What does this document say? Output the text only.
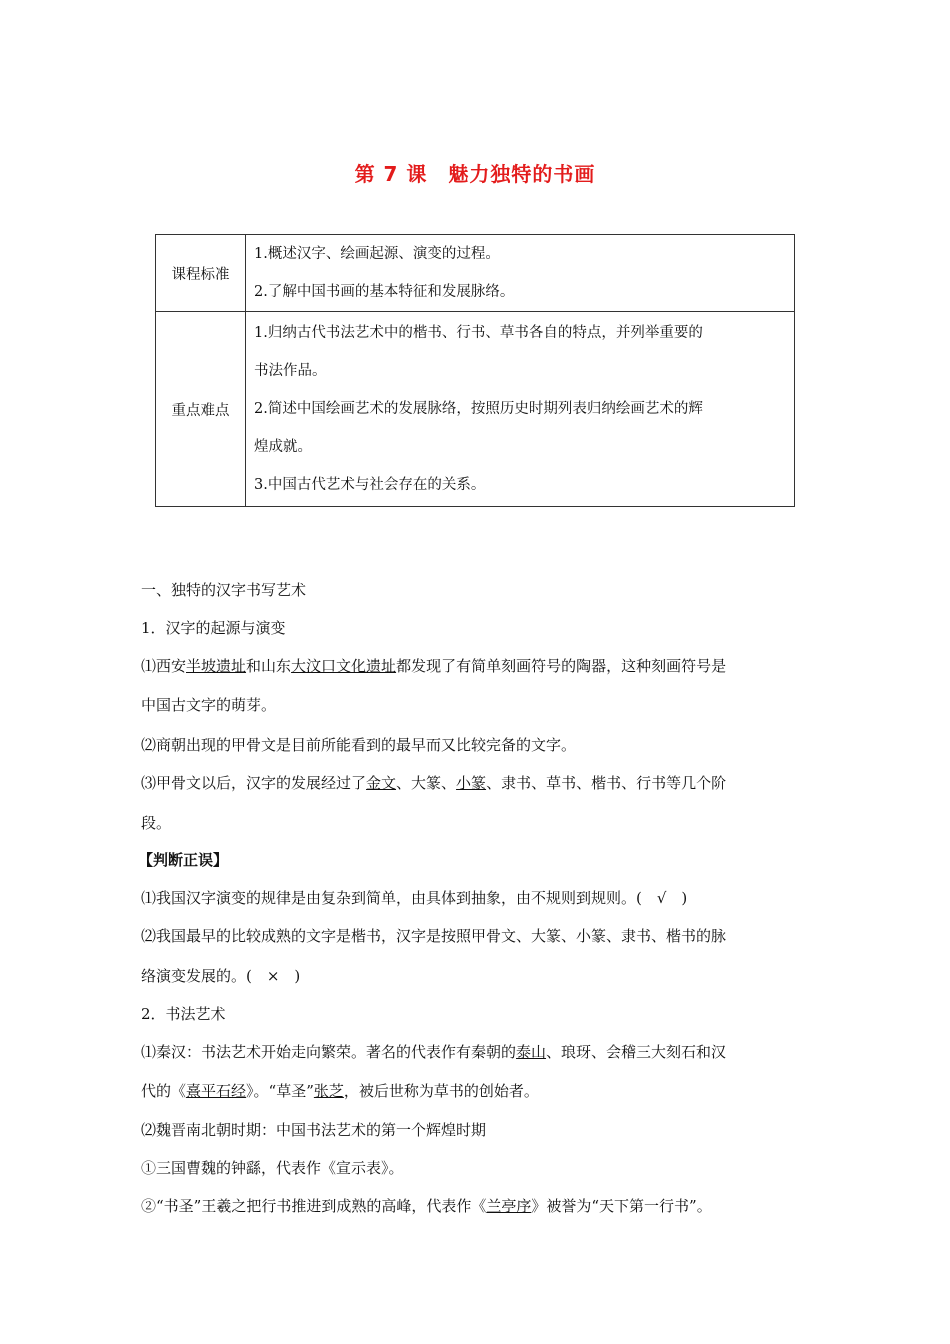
第 7 课　魅力独特的书画
课程标准	1.概述汉字、绘画起源、演变的过程。
2.了解中国书画的基本特征和发展脉络。

重点难点	1.归纳古代书法艺术中的楷书、行书、草书各自的特点，并列举重要的
书法作品。
2.简述中国绘画艺术的发展脉络，按照历史时期列表归纳绘画艺术的辉
煌成就。
3.中国古代艺术与社会存在的关系。
一、独特的汉字书写艺术
1．汉字的起源与演变
⑴西安半坡遗址和山东大汶口文化遗址都发现了有简单刻画符号的陶器，这种刻画符号是
中国古文字的萌芽。
⑵商朝出现的甲骨文是目前所能看到的最早而又比较完备的文字。
⑶甲骨文以后，汉字的发展经过了金文、大篆、小篆、隶书、草书、楷书、行书等几个阶
段。
【判断正误】
⑴我国汉字演变的规律是由复杂到简单，由具体到抽象，由不规则到规则。(　√　)
⑵我国最早的比较成熟的文字是楷书，汉字是按照甲骨文、大篆、小篆、隶书、楷书的脉
络演变发展的。(　×　)
2．书法艺术
⑴秦汉：书法艺术开始走向繁荣。著名的代表作有秦朝的泰山、琅玡、会稽三大刻石和汉
代的《熹平石经》。“草圣”张芝，被后世称为草书的创始者。
⑵魏晋南北朝时期：中国书法艺术的第一个辉煌时期
①三国曹魏的钟繇，代表作《宣示表》。
②“书圣”王羲之把行书推进到成熟的高峰，代表作《兰亭序》被誉为“天下第一行书”。
